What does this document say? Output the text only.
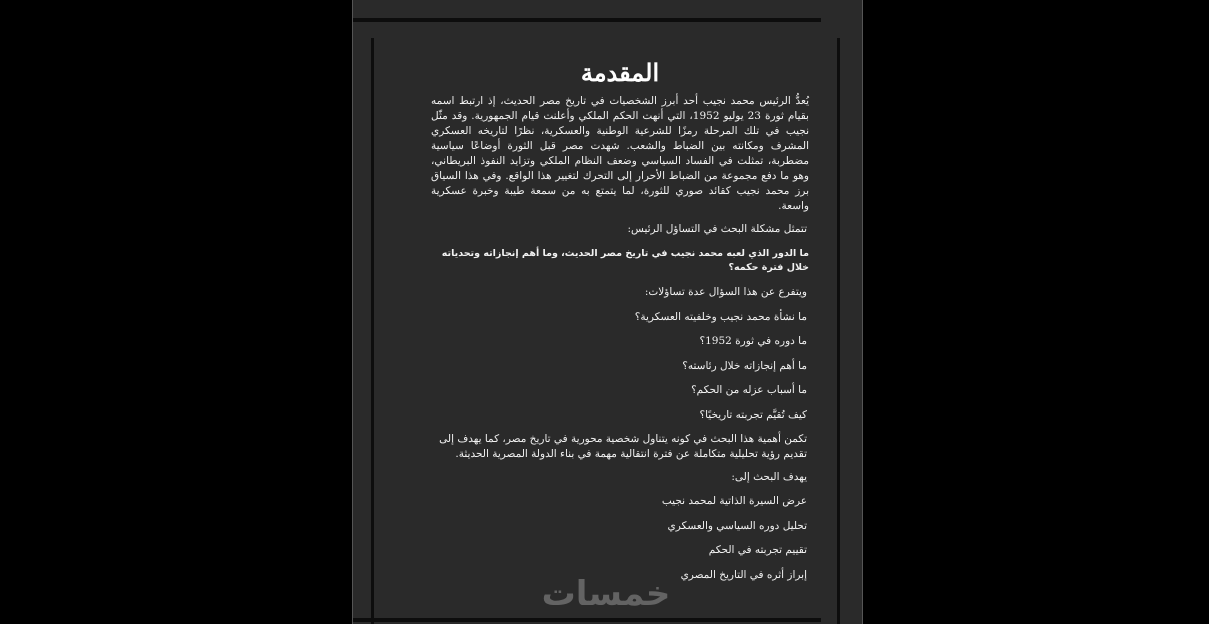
المقدمة

يُعدُّ الرئيس محمد نجيب أحد أبرز الشخصيات في تاريخ مصر الحديث، إذ ارتبط اسمه بقيام ثورة 23 يوليو 1952، التي أنهت الحكم الملكي وأعلنت قيام الجمهورية. وقد مثّل نجيب في تلك المرحلة رمزًا للشرعية الوطنية والعسكرية، نظرًا لتاريخه العسكري المشرف ومكانته بين الضباط والشعب. شهدت مصر قبل الثورة أوضاعًا سياسية مضطربة، تمثلت في الفساد السياسي وضعف النظام الملكي وتزايد النفوذ البريطاني، وهو ما دفع مجموعة من الضباط الأحرار إلى التحرك لتغيير هذا الواقع. وفي هذا السياق برز محمد نجيب كقائد صوري للثورة، لما يتمتع به من سمعة طيبة وخبرة عسكرية واسعة.

تتمثل مشكلة البحث في التساؤل الرئيس:

ما الدور الذي لعبه محمد نجيب في تاريخ مصر الحديث، وما أهم إنجازاته وتحدياته خلال فترة حكمه؟

ويتفرع عن هذا السؤال عدة تساؤلات:
ما نشأة محمد نجيب وخلفيته العسكرية؟
ما دوره في ثورة 1952؟
ما أهم إنجازاته خلال رئاسته؟
ما أسباب عزله من الحكم؟
كيف تُقيَّم تجربته تاريخيًا؟

تكمن أهمية هذا البحث في كونه يتناول شخصية محورية في تاريخ مصر، كما يهدف إلى تقديم رؤية تحليلية متكاملة عن فترة انتقالية مهمة في بناء الدولة المصرية الحديثة.

يهدف البحث إلى:
عرض السيرة الذاتية لمحمد نجيب
تحليل دوره السياسي والعسكري
تقييم تجربته في الحكم
إبراز أثره في التاريخ المصري
خمسات
